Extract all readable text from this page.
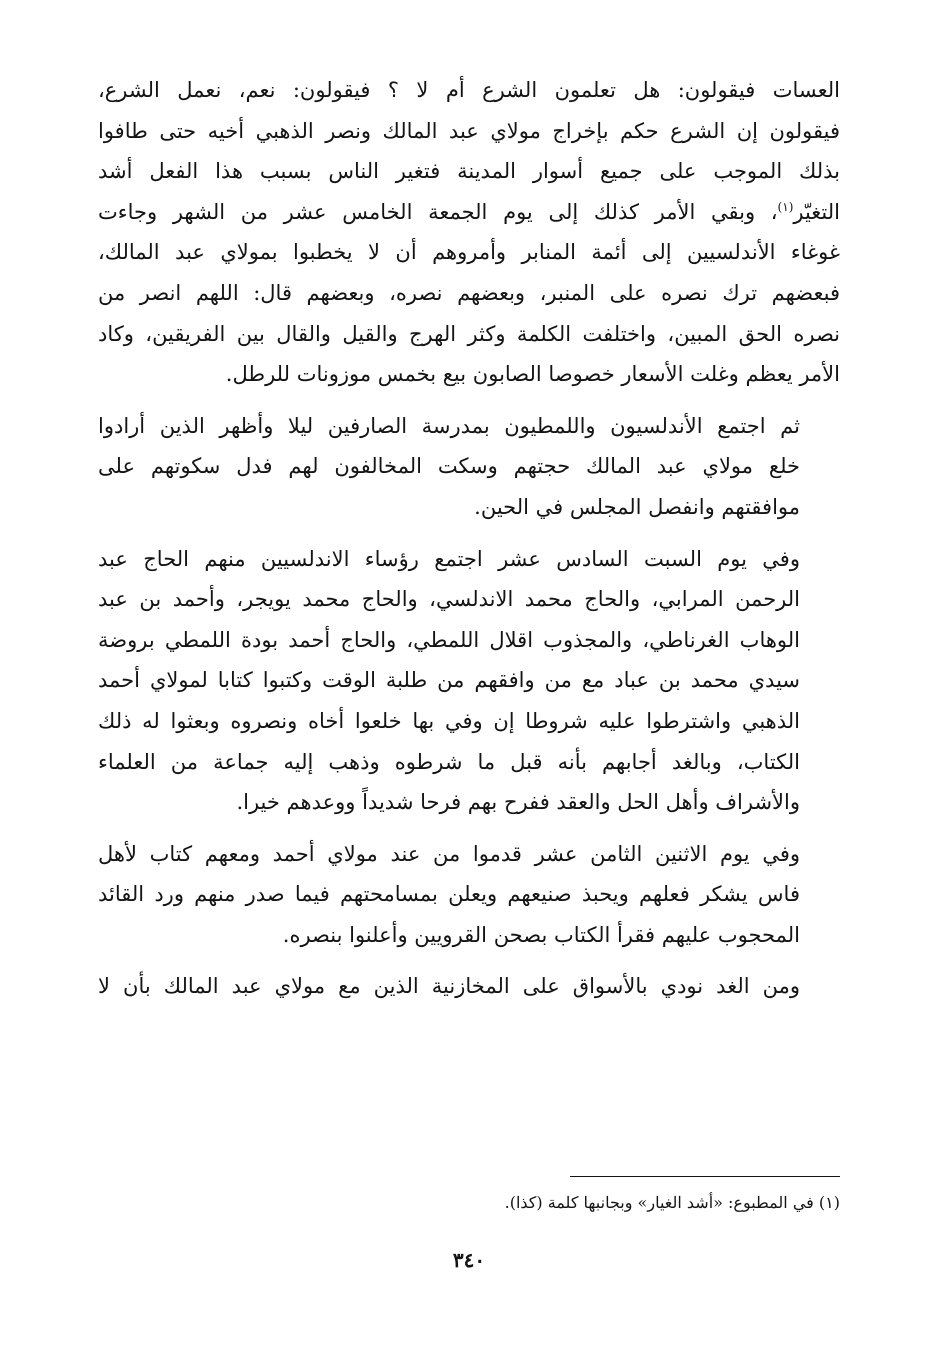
العسات فيقولون: هل تعلمون الشرع أم لا ؟ فيقولون: نعم، نعمل الشرع،
فيقولون إن الشرع حكم بإخراج مولاي عبد المالك ونصر الذهبي أخيه حتى طافوا
بذلك الموجب على جميع أسوار المدينة فتغير الناس بسبب هذا الفعل أشد
التغيّر$^{(١)}$، وبقي الأمر كذلك إلى يوم الجمعة الخامس عشر من الشهر وجاءت
غوغاء الأندلسيين إلى أئمة المنابر وأمروهم أن لا يخطبوا بمولاي عبد المالك،
فبعضهم ترك نصره على المنبر، وبعضهم نصره، وبعضهم قال: اللهم انصر من
نصره الحق المبين، واختلفت الكلمة وكثر الهرج والقيل والقال بين الفريقين، وكاد
الأمر يعظم وغلت الأسعار خصوصا الصابون بيع بخمس موزونات للرطل.

ثم اجتمع الأندلسيون واللمطيون بمدرسة الصارفين ليلا وأظهر الذين أرادوا
خلع مولاي عبد المالك حجتهم وسكت المخالفون لهم فدل سكوتهم على
موافقتهم وانفصل المجلس في الحين.

وفي يوم السبت السادس عشر اجتمع رؤساء الاندلسيين منهم الحاج عبد
الرحمن المرابي، والحاج محمد الاندلسي، والحاج محمد يويجر، وأحمد بن عبد
الوهاب الغرناطي، والمجذوب اقلال اللمطي، والحاج أحمد بودة اللمطي بروضة
سيدي محمد بن عباد مع من وافقهم من طلبة الوقت وكتبوا كتابا لمولاي أحمد
الذهبي واشترطوا عليه شروطا إن وفي بها خلعوا أخاه ونصروه وبعثوا له ذلك
الكتاب، وبالغد أجابهم بأنه قبل ما شرطوه وذهب إليه جماعة من العلماء
والأشراف وأهل الحل والعقد ففرح بهم فرحا شديداً ووعدهم خيرا.

وفي يوم الاثنين الثامن عشر قدموا من عند مولاي أحمد ومعهم كتاب لأهل
فاس يشكر فعلهم ويحبذ صنيعهم ويعلن بمسامحتهم فيما صدر منهم ورد القائد
المحجوب عليهم فقرأ الكتاب بصحن القرويين وأعلنوا بنصره.

ومن الغد نودي بالأسواق على المخازنية الذين مع مولاي عبد المالك بأن لا

(١) في المطبوع: «أشد الغيار» وبجانبها كلمة (كذا).
٣٤٠
